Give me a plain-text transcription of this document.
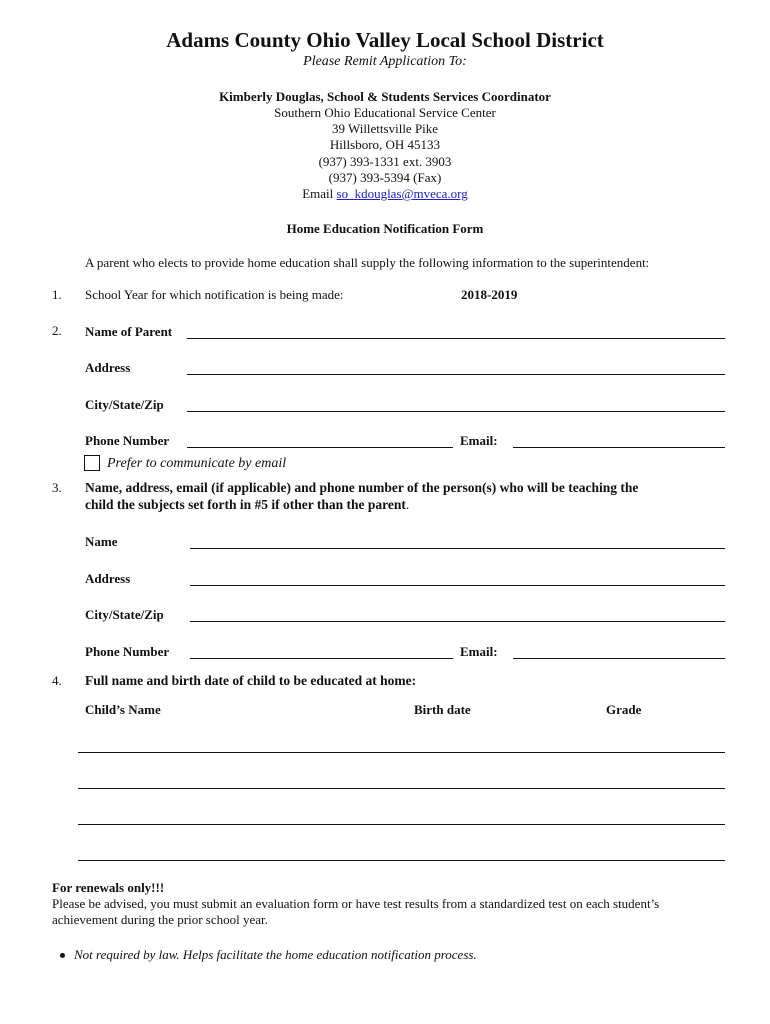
Adams County Ohio Valley Local School District
Please Remit Application To:
Kimberly Douglas, School & Students Services Coordinator
Southern Ohio Educational Service Center
39 Willettsville Pike
Hillsboro, OH 45133
(937) 393-1331 ext. 3903
(937) 393-5394 (Fax)
Email so_kdouglas@mveca.org
Home Education Notification Form
A parent who elects to provide home education shall supply the following information to the superintendent:
1. School Year for which notification is being made:	2018-2019
2. Name of Parent
Address
City/State/Zip
Phone Number	Email:
Prefer to communicate by email
3. Name, address, email (if applicable) and phone number of the person(s) who will be teaching the
child the subjects set forth in #5 if other than the parent.
Name
Address
City/State/Zip
Phone Number	Email:
4. Full name and birth date of child to be educated at home:
Child’s Name	Birth date	Grade
For renewals only!!!
Please be advised, you must submit an evaluation form or have test results from a standardized test on each student’s
achievement during the prior school year.
Not required by law. Helps facilitate the home education notification process.
